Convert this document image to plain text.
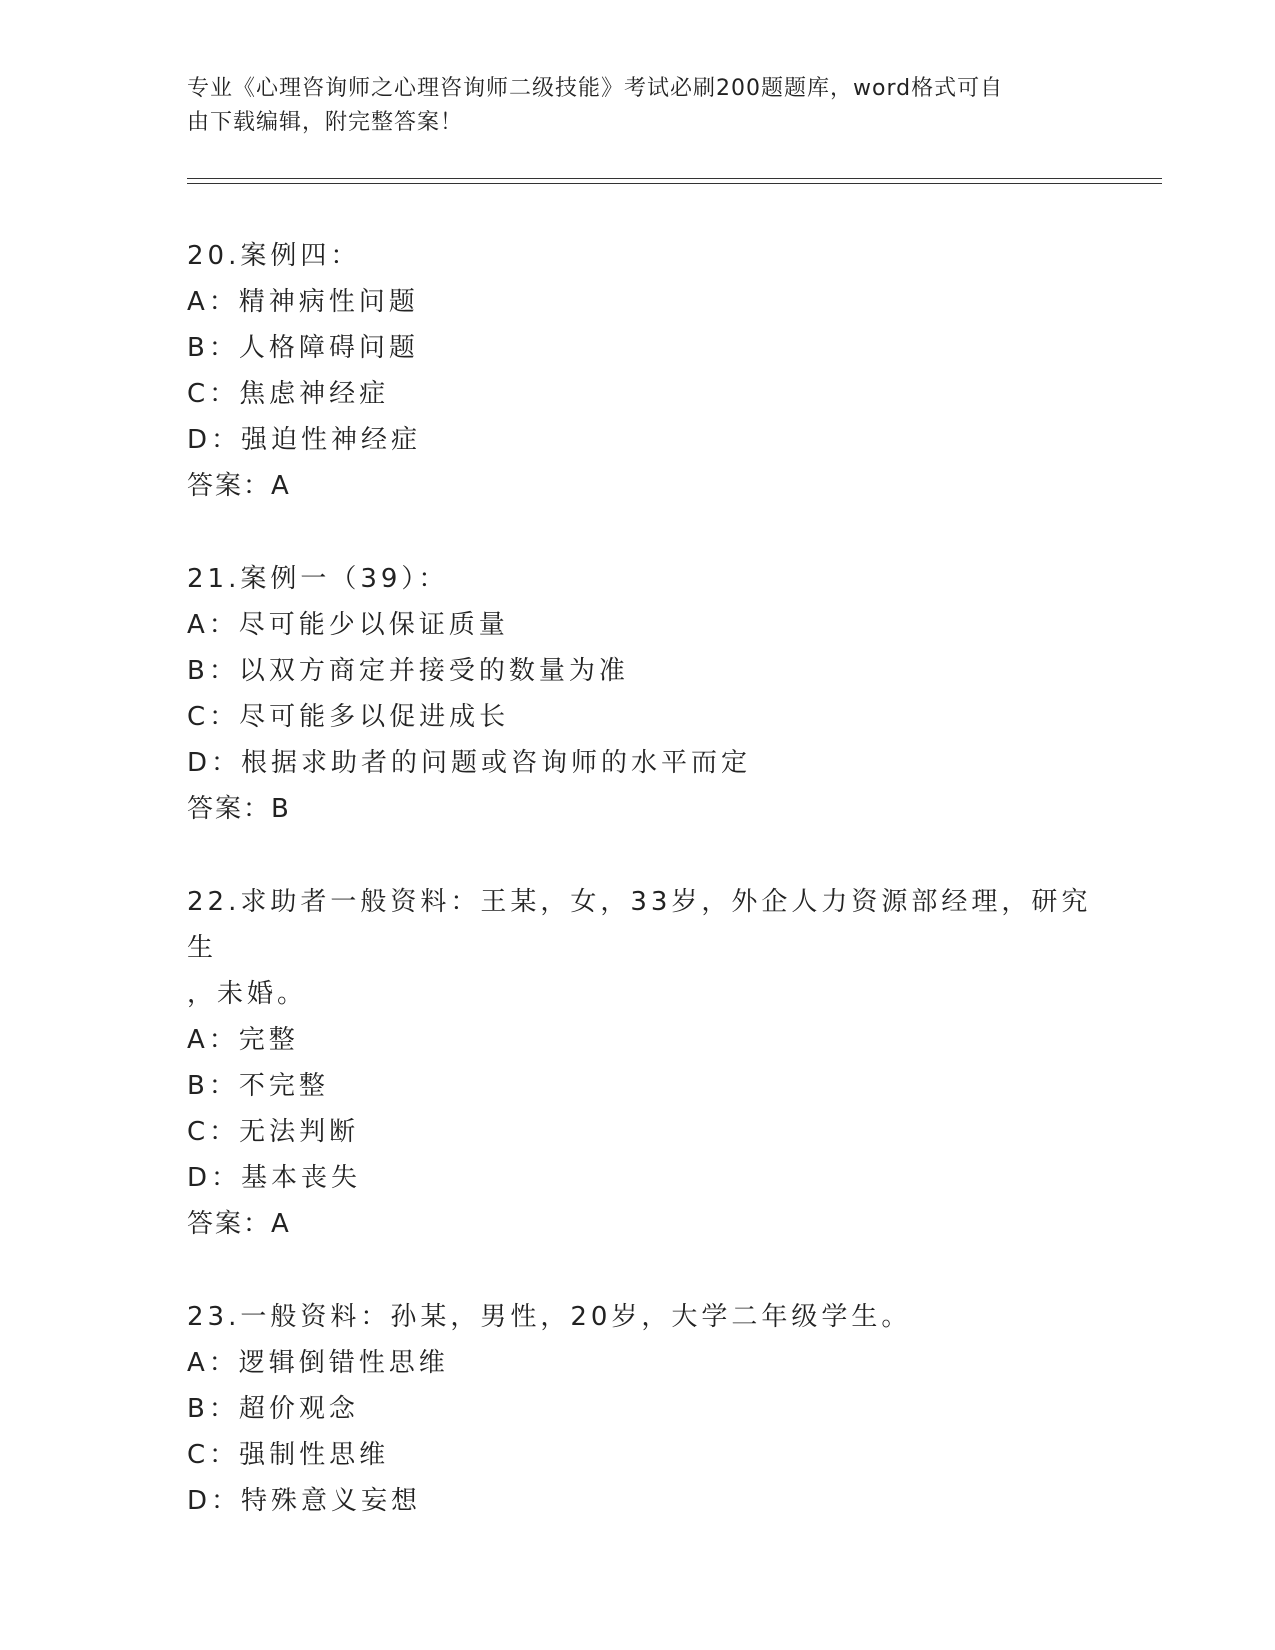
专业《心理咨询师之心理咨询师二级技能》考试必刷200题题库，word格式可自
由下载编辑，附完整答案！
20.案例四：
A：精神病性问题
B：人格障碍问题
C：焦虑神经症
D：强迫性神经症
答案：A
21.案例一（39）：
A：尽可能少以保证质量
B：以双方商定并接受的数量为准
C：尽可能多以促进成长
D：根据求助者的问题或咨询师的水平而定
答案：B
22.求助者一般资料：王某，女，33岁，外企人力资源部经理，研究生
，未婚。
A：完整
B：不完整
C：无法判断
D：基本丧失
答案：A
23.一般资料：孙某，男性，20岁，大学二年级学生。
A：逻辑倒错性思维
B：超价观念
C：强制性思维
D：特殊意义妄想
